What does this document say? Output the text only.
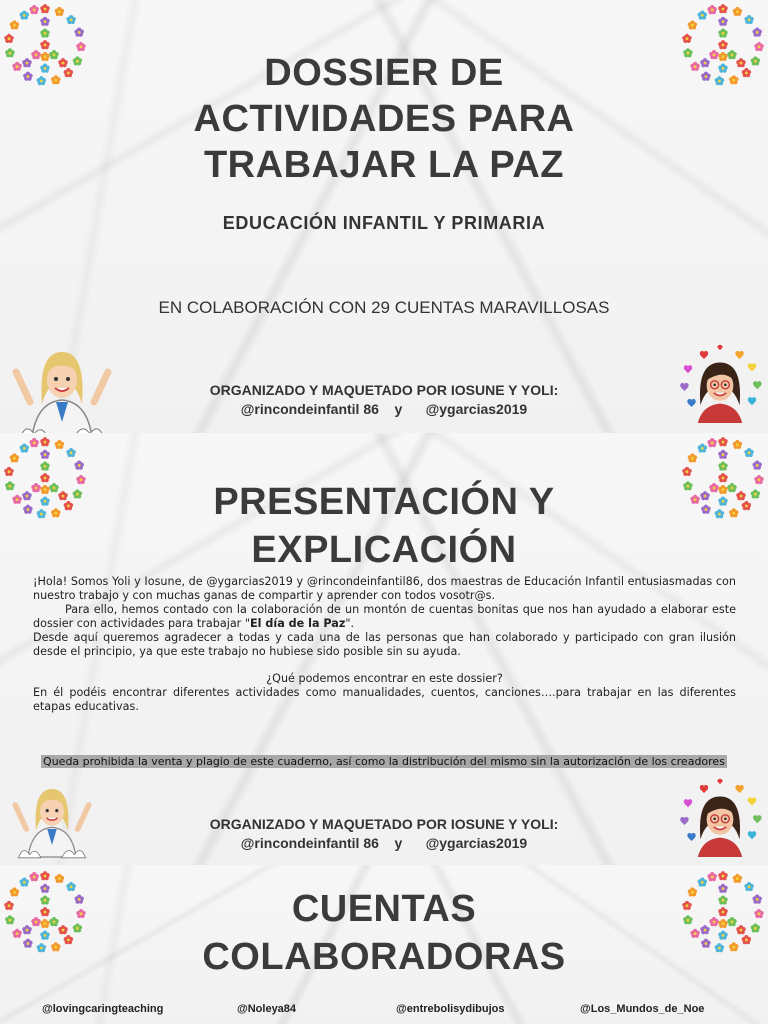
DOSSIER DE
ACTIVIDADES PARA
TRABAJAR LA PAZ
EDUCACIÓN INFANTIL Y PRIMARIA
EN COLABORACIÓN CON 29 CUENTAS MARAVILLOSAS
ORGANIZADO Y MAQUETADO POR IOSUNE Y YOLI:
@rincondeinfantil 86    y      @ygarcias2019
PRESENTACIÓN Y
EXPLICACIÓN

¡Hola! Somos Yoli y Iosune, de @ygarcias2019 y @rincondeinfantil86, dos maestras de Educación Infantil entusiasmadas con nuestro trabajo y con muchas ganas de compartir y aprender con todos vosotr@s.

Para ello, hemos contado con la colaboración de un montón de cuentas bonitas que nos han ayudado a elaborar este dossier con actividades para trabajar "El día de la Paz".

Desde aquí queremos agradecer a todas y cada una de las personas que han colaborado y participado con gran ilusión desde el principio, ya que este trabajo no hubiese sido posible sin su ayuda.

¿Qué podemos encontrar en este dossier?

En él podéis encontrar diferentes actividades como manualidades, cuentos, canciones….para trabajar en las diferentes etapas educativas.

Queda prohibida la venta y plagio de este cuaderno, así como la distribución del mismo sin la autorización de los creadores
ORGANIZADO Y MAQUETADO POR IOSUNE Y YOLI:
@rincondeinfantil 86    y      @ygarcias2019
CUENTAS
COLABORADORAS
@lovingcaringteaching	@Noleya84	@entrebolisydibujos	@Los_Mundos_de_Noe
